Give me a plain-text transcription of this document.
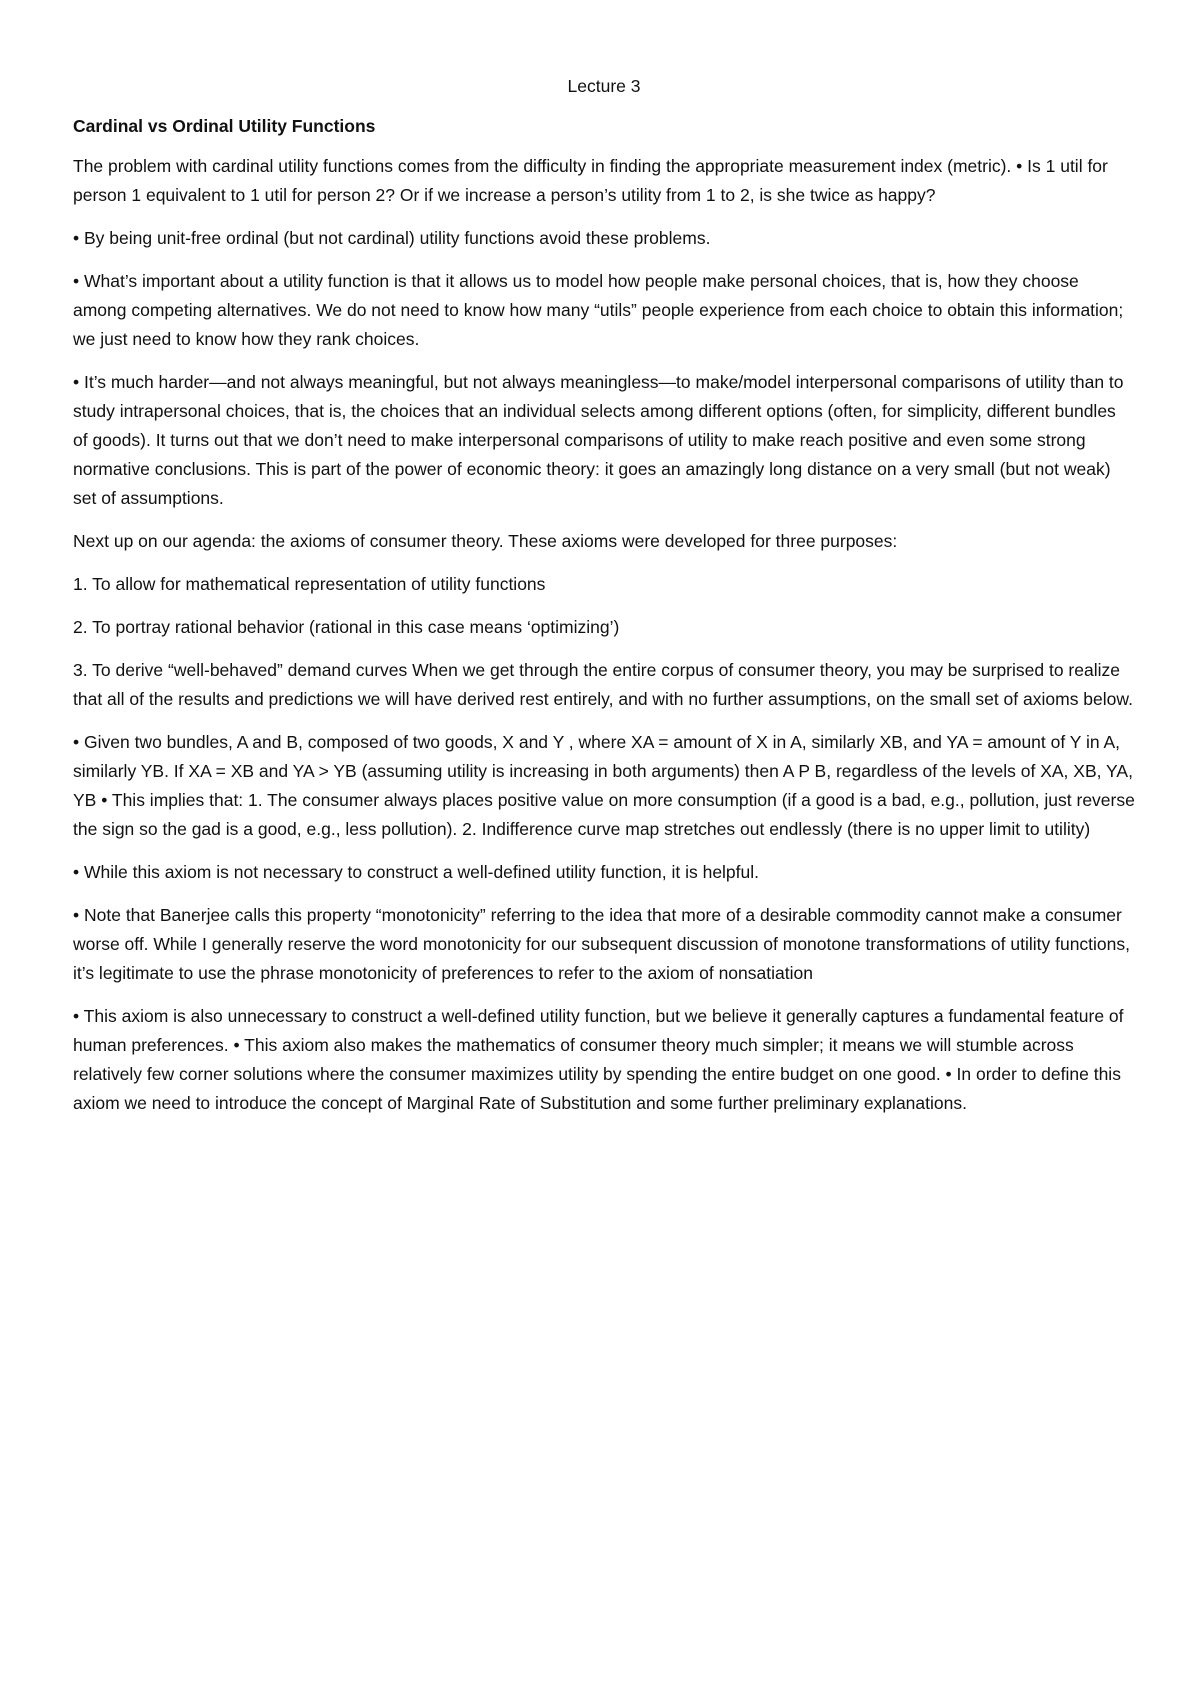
Lecture 3
Cardinal vs Ordinal Utility Functions

The problem with cardinal utility functions comes from the difficulty in finding the appropriate measurement index (metric). • Is 1 util for person 1 equivalent to 1 util for person 2? Or if we increase a person’s utility from 1 to 2, is she twice as happy?

• By being unit-free ordinal (but not cardinal) utility functions avoid these problems.

• What’s important about a utility function is that it allows us to model how people make personal choices, that is, how they choose among competing alternatives. We do not need to know how many “utils” people experience from each choice to obtain this information; we just need to know how they rank choices.

• It’s much harder—and not always meaningful, but not always meaningless—to make/model interpersonal comparisons of utility than to study intrapersonal choices, that is, the choices that an individual selects among different options (often, for simplicity, different bundles of goods). It turns out that we don’t need to make interpersonal comparisons of utility to make reach positive and even some strong normative conclusions. This is part of the power of economic theory: it goes an amazingly long distance on a very small (but not weak) set of assumptions.

Next up on our agenda: the axioms of consumer theory. These axioms were developed for three purposes:

1. To allow for mathematical representation of utility functions

2. To portray rational behavior (rational in this case means ‘optimizing’)

3. To derive “well-behaved” demand curves When we get through the entire corpus of consumer theory, you may be surprised to realize that all of the results and predictions we will have derived rest entirely, and with no further assumptions, on the small set of axioms below.

• Given two bundles, A and B, composed of two goods, X and Y , where XA = amount of X in A, similarly XB, and YA = amount of Y in A, similarly YB. If XA = XB and YA > YB (assuming utility is increasing in both arguments) then A P B, regardless of the levels of XA, XB, YA, YB • This implies that: 1. The consumer always places positive value on more consumption (if a good is a bad, e.g., pollution, just reverse the sign so the gad is a good, e.g., less pollution). 2. Indifference curve map stretches out endlessly (there is no upper limit to utility)

• While this axiom is not necessary to construct a well-defined utility function, it is helpful.

• Note that Banerjee calls this property “monotonicity” referring to the idea that more of a desirable commodity cannot make a consumer worse off. While I generally reserve the word monotonicity for our subsequent discussion of monotone transformations of utility functions, it’s legitimate to use the phrase monotonicity of preferences to refer to the axiom of nonsatiation

• This axiom is also unnecessary to construct a well-defined utility function, but we believe it generally captures a fundamental feature of human preferences. • This axiom also makes the mathematics of consumer theory much simpler; it means we will stumble across relatively few corner solutions where the consumer maximizes utility by spending the entire budget on one good. • In order to define this axiom we need to introduce the concept of Marginal Rate of Substitution and some further preliminary explanations.
